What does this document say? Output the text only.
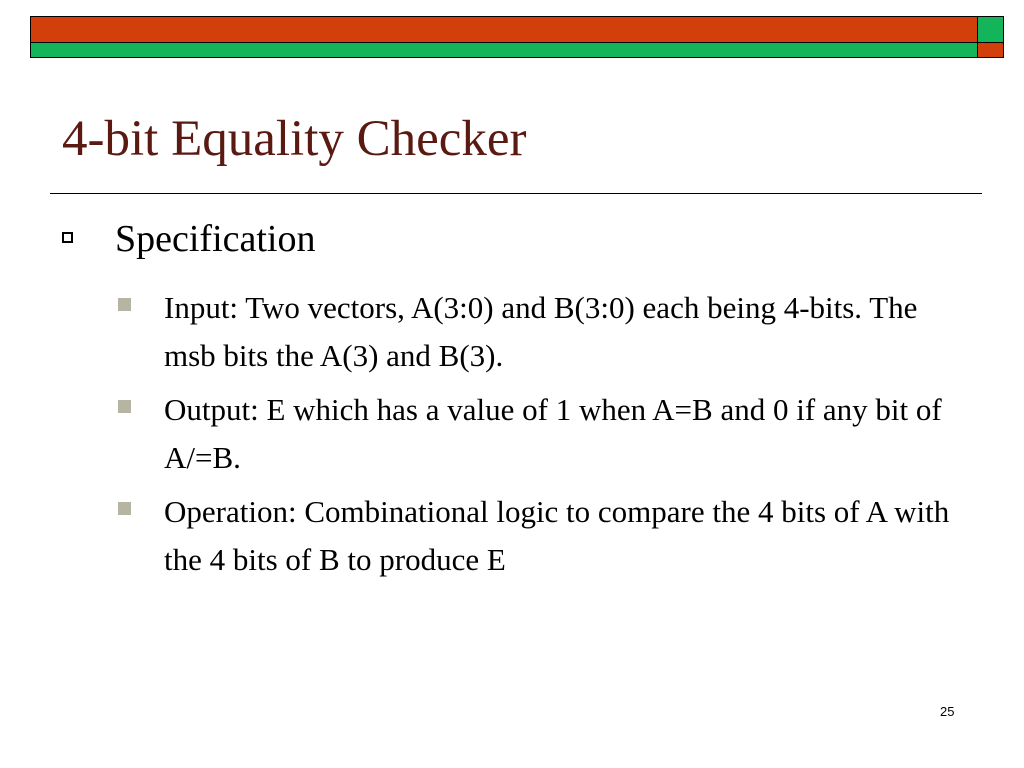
4-bit Equality Checker
Specification
Input: Two vectors, A(3:0) and B(3:0) each being 4-bits. The msb bits the A(3) and B(3).
Output: E which has a value of 1 when A=B and 0 if any bit of A/=B.
Operation: Combinational logic to compare the 4 bits of A with the 4 bits of B to produce E
25
